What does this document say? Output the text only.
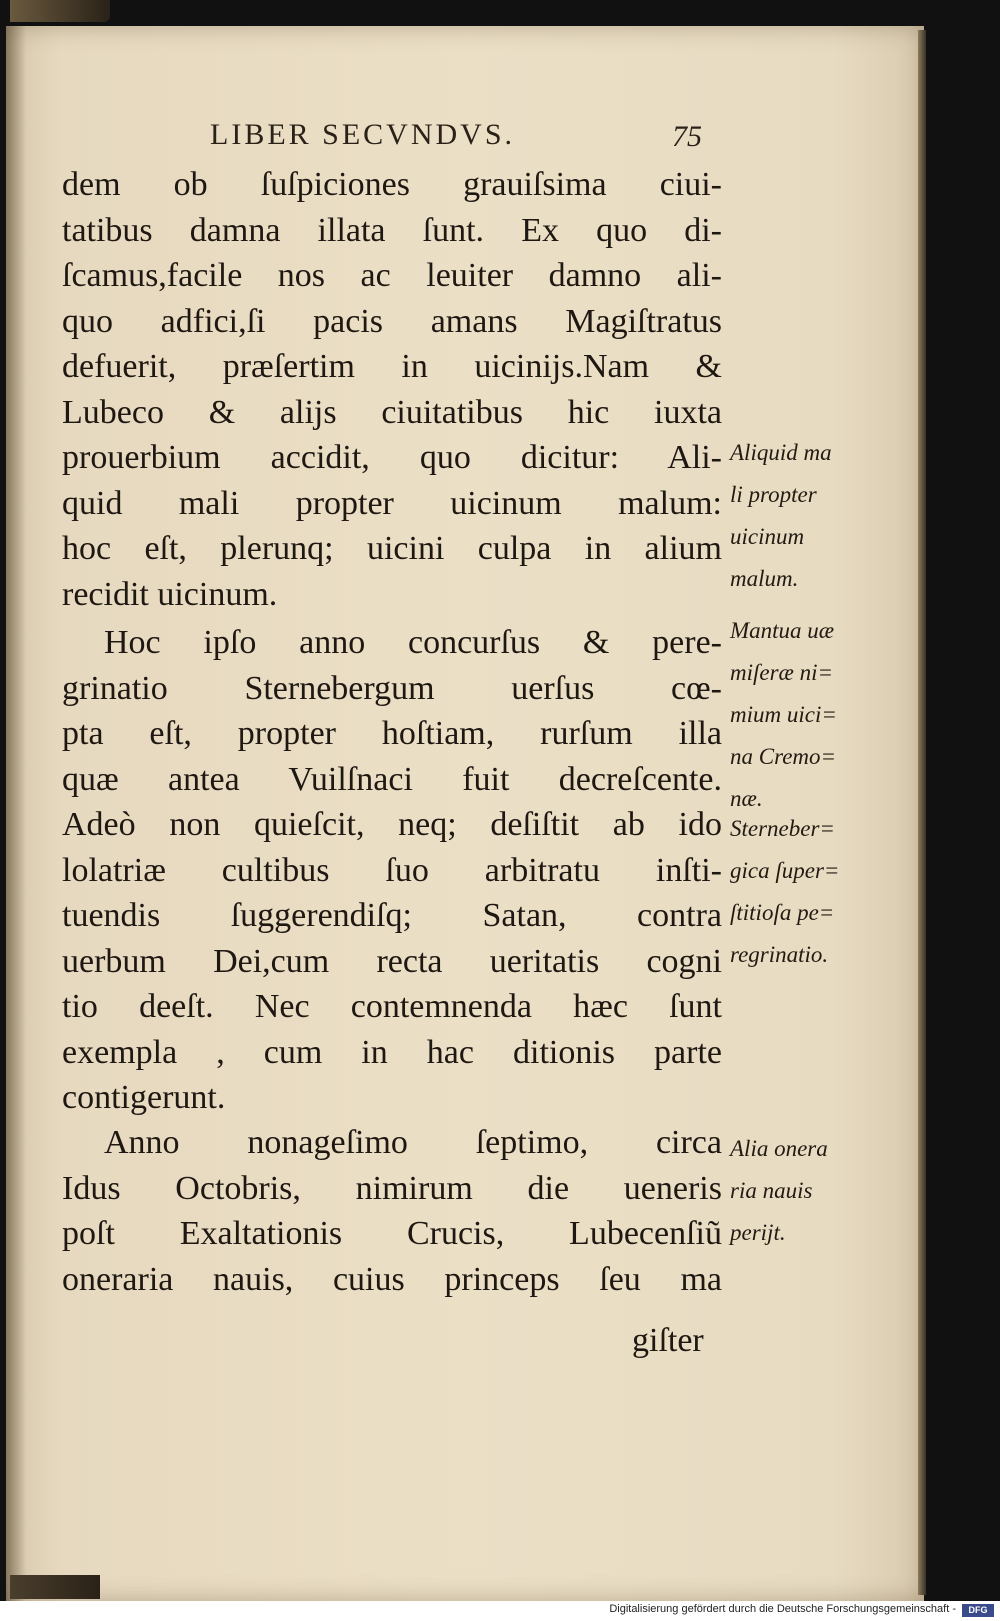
LIBER SECVNDVS.	75
dem ob ſuſpiciones grauiſsima ciui-
tatibus damna illata ſunt. Ex quo di-
ſcamus,facile nos ac leuiter damno ali-
quo adfici,ſi pacis amans Magiſtratus
defuerit, præſertim in uicinijs.Nam &
Lubeco & alijs ciuitatibus hic iuxta
prouerbium accidit, quo dicitur: Ali-
quid mali propter uicinum malum:
hoc eſt, plerunq; uicini culpa in alium
recidit uicinum.
Hoc ipſo anno concurſus & pere-
grinatio Sternebergum uerſus cœ-
pta eſt, propter hoſtiam, rurſum illa
quæ antea Vuilſnaci fuit decreſcente.
Adeò non quieſcit, neq; deſiſtit ab ido
lolatriæ cultibus ſuo arbitratu inſti-
tuendis ſuggerendiſq; Satan, contra
uerbum Dei,cum recta ueritatis cogni
tio deeſt. Nec contemnenda hæc ſunt
exempla , cum in hac ditionis parte
contigerunt.
Anno nonageſimo ſeptimo, circa
Idus Octobris, nimirum die ueneris
poſt Exaltationis Crucis, Lubecenſiũ
oneraria nauis, cuius princeps ſeu ma
giſter
Aliquid ma
li propter
uicinum
malum.
Mantua uæ
miſeræ ni=
mium uici=
na Cremo=
næ.
Sterneber=
gica ſuper=
ſtitioſa pe=
regrinatio.
Alia onera
ria nauis
perijt.
Digitalisierung gefördert durch die Deutsche Forschungsgemeinschaft -	DFG
